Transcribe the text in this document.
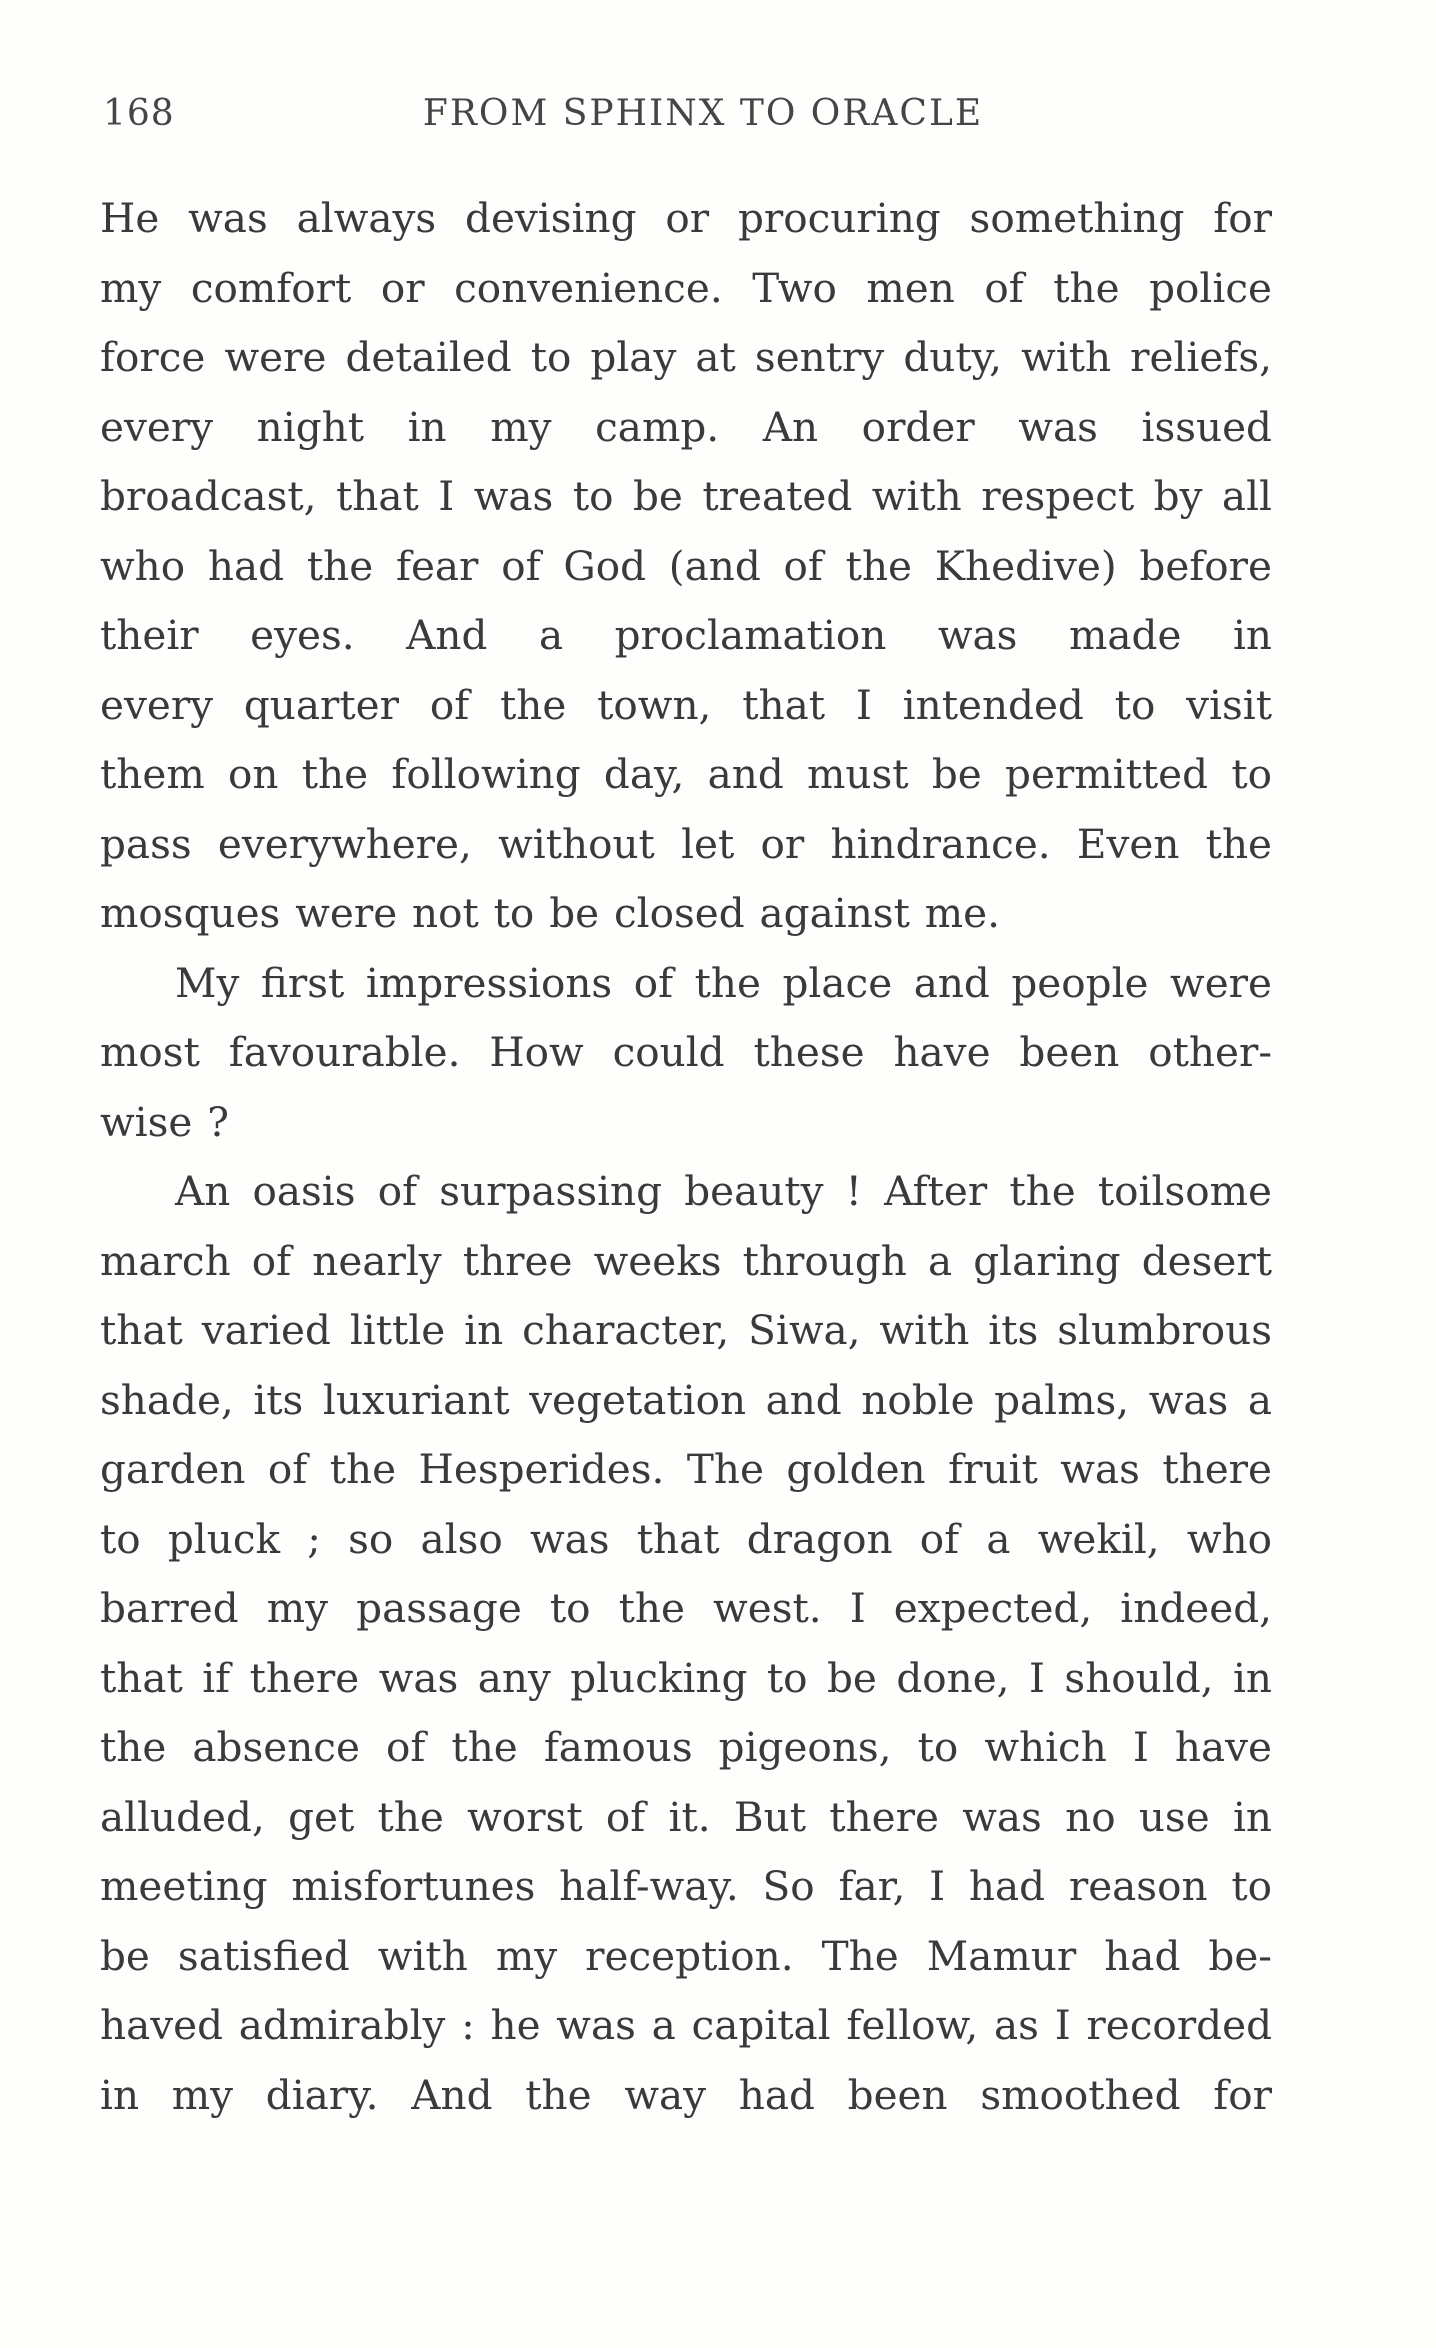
168	FROM SPHINX TO ORACLE
He was always devising or procuring something for
my comfort or convenience. Two men of the police
force were detailed to play at sentry duty, with reliefs,
every night in my camp. An order was issued
broadcast, that I was to be treated with respect by all
who had the fear of God (and of the Khedive) before
their eyes. And a proclamation was made in
every quarter of the town, that I intended to visit
them on the following day, and must be permitted to
pass everywhere, without let or hindrance. Even the
mosques were not to be closed against me.
My first impressions of the place and people were
most favourable. How could these have been other-
wise ?
An oasis of surpassing beauty ! After the toilsome
march of nearly three weeks through a glaring desert
that varied little in character, Siwa, with its slumbrous
shade, its luxuriant vegetation and noble palms, was a
garden of the Hesperides. The golden fruit was there
to pluck ; so also was that dragon of a wekil, who
barred my passage to the west. I expected, indeed,
that if there was any plucking to be done, I should, in
the absence of the famous pigeons, to which I have
alluded, get the worst of it. But there was no use in
meeting misfortunes half-way. So far, I had reason to
be satisfied with my reception. The Mamur had be-
haved admirably : he was a capital fellow, as I recorded
in my diary. And the way had been smoothed for
